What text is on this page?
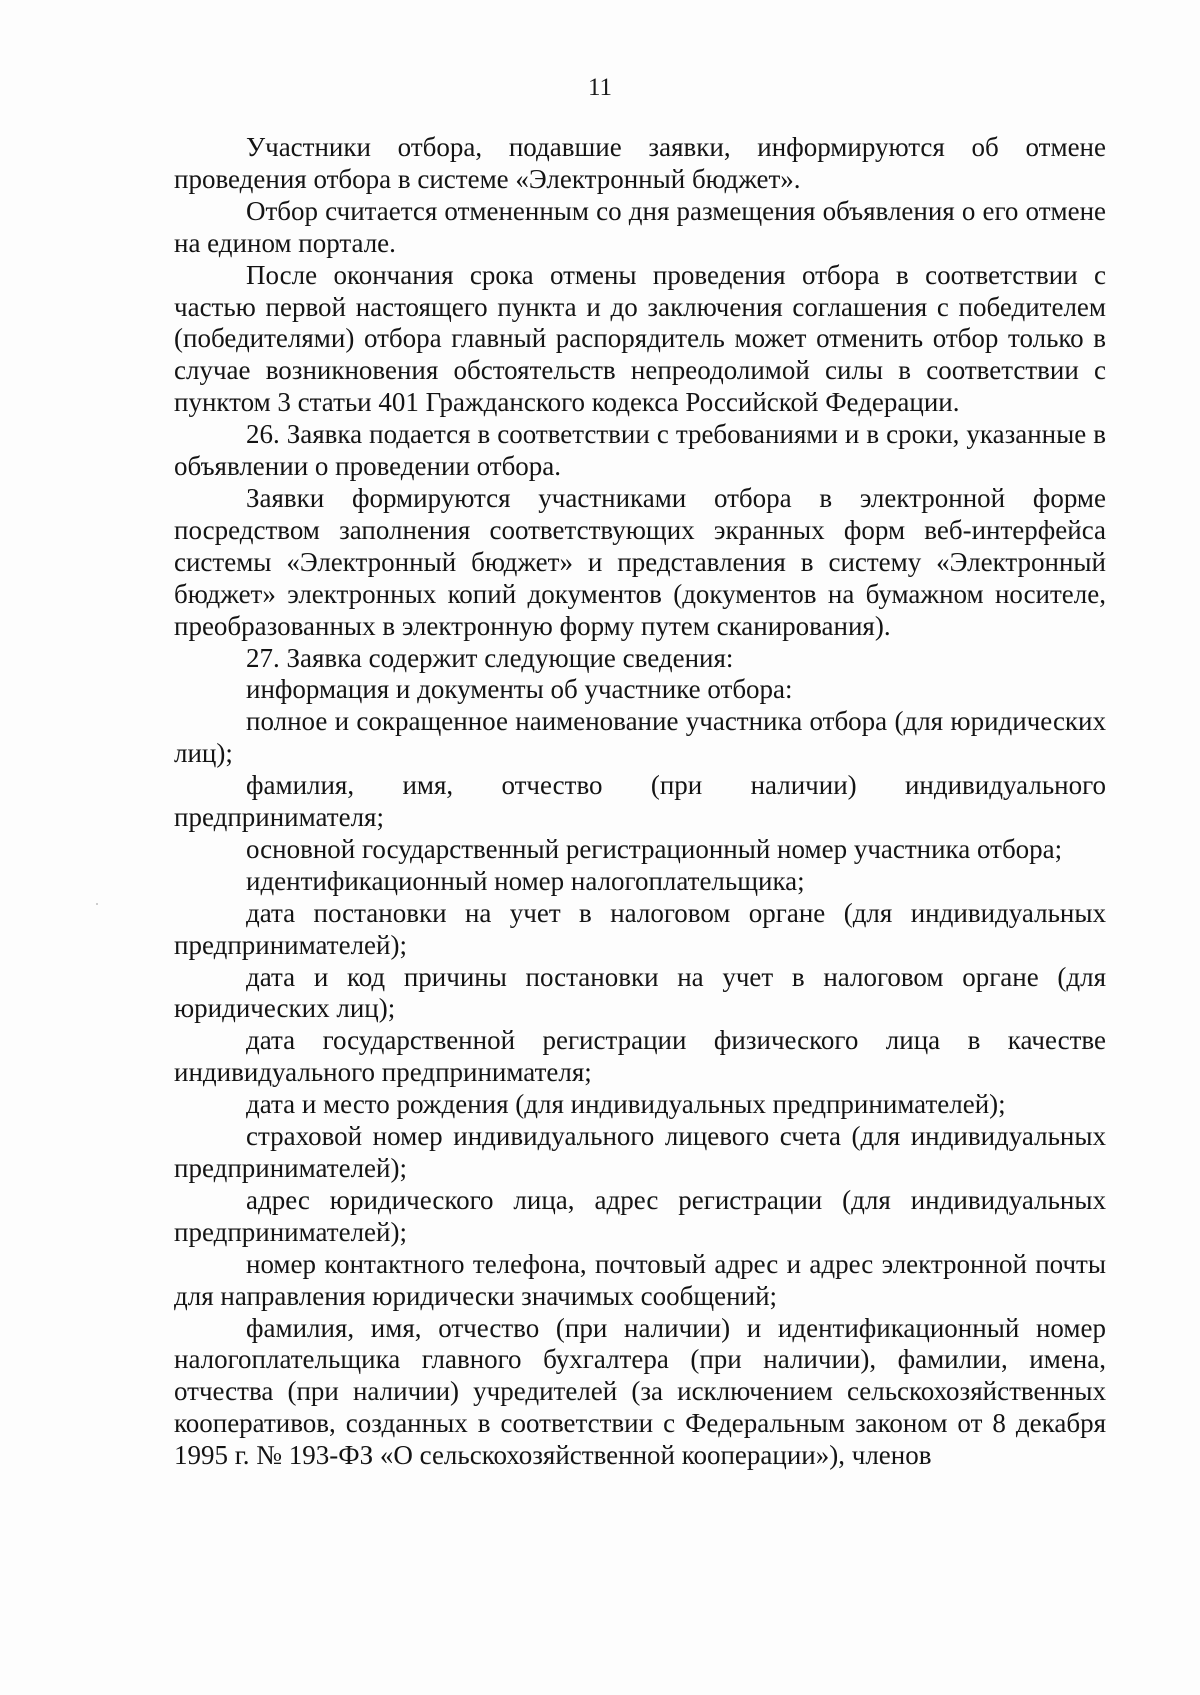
11

Участники отбора, подавшие заявки, информируются об отмене проведения отбора в системе «Электронный бюджет».

Отбор считается отмененным со дня размещения объявления о его отмене на едином портале.

После окончания срока отмены проведения отбора в соответствии с частью первой настоящего пункта и до заключения соглашения с победителем (победителями) отбора главный распорядитель может отменить отбор только в случае возникновения обстоятельств непреодолимой силы в соответствии с пунктом 3 статьи 401 Гражданского кодекса Российской Федерации.

26. Заявка подается в соответствии с требованиями и в сроки, указанные в объявлении о проведении отбора.

Заявки формируются участниками отбора в электронной форме посредством заполнения соответствующих экранных форм веб-интерфейса системы «Электронный бюджет» и представления в систему «Электронный бюджет» электронных копий документов (документов на бумажном носителе, преобразованных в электронную форму путем сканирования).

27. Заявка содержит следующие сведения:

информация и документы об участнике отбора:

полное и сокращенное наименование участника отбора (для юридических лиц);

фамилия, имя, отчество (при наличии) индивидуального предпринимателя;

основной государственный регистрационный номер участника отбора;

идентификационный номер налогоплательщика;

дата постановки на учет в налоговом органе (для индивидуальных предпринимателей);

дата и код причины постановки на учет в налоговом органе (для юридических лиц);

дата государственной регистрации физического лица в качестве индивидуального предпринимателя;

дата и место рождения (для индивидуальных предпринимателей);

страховой номер индивидуального лицевого счета (для индивидуальных предпринимателей);

адрес юридического лица, адрес регистрации (для индивидуальных предпринимателей);

номер контактного телефона, почтовый адрес и адрес электронной почты для направления юридически значимых сообщений;

фамилия, имя, отчество (при наличии) и идентификационный номер налогоплательщика главного бухгалтера (при наличии), фамилии, имена, отчества (при наличии) учредителей (за исключением сельскохозяйственных кооперативов, созданных в соответствии с Федеральным законом от 8 декабря 1995 г. № 193-ФЗ «О сельскохозяйственной кооперации»), членов
